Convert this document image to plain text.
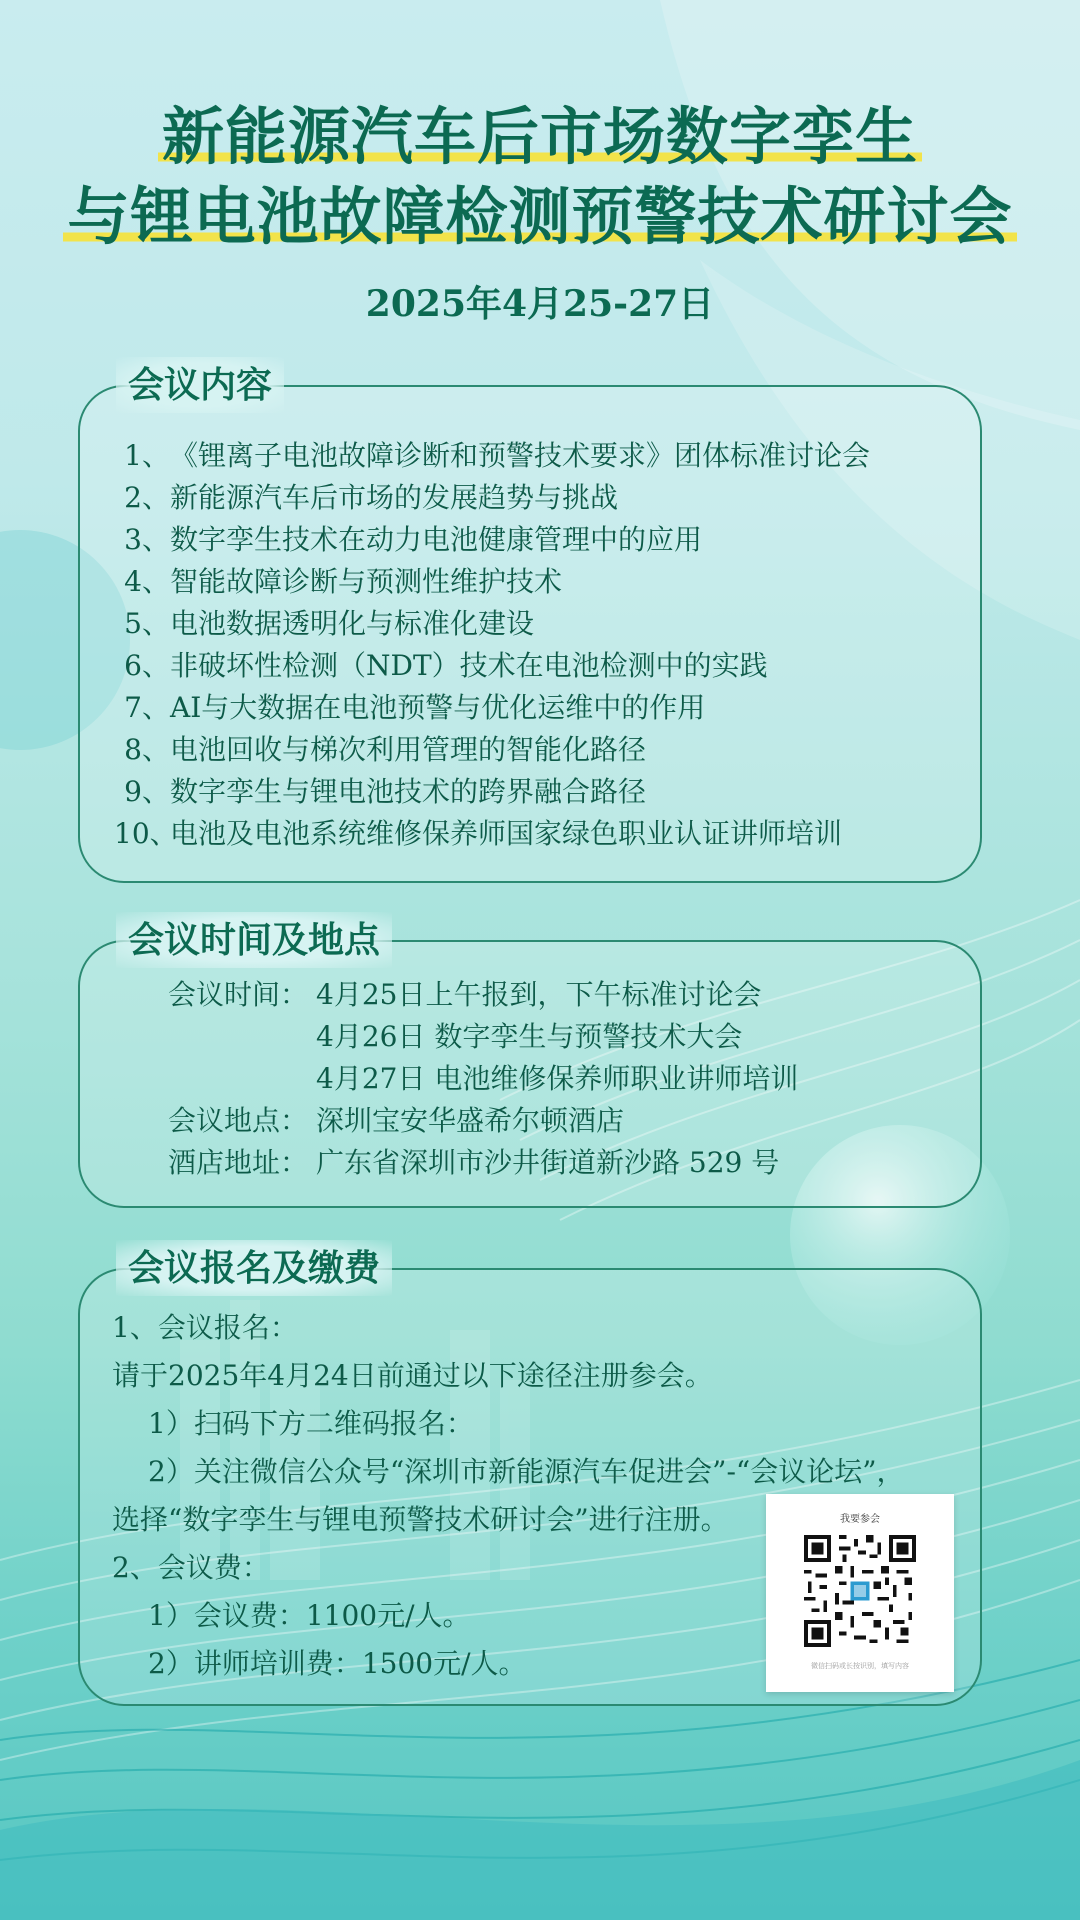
新能源汽车后市场数字孪生
与锂电池故障检测预警技术研讨会
2025年4月25-27日
会议内容
1、《锂离子电池故障诊断和预警技术要求》团体标准讨论会
2、新能源汽车后市场的发展趋势与挑战
3、数字孪生技术在动力电池健康管理中的应用
4、智能故障诊断与预测性维护技术
5、电池数据透明化与标准化建设
6、非破坏性检测（NDT）技术在电池检测中的实践
7、AI与大数据在电池预警与优化运维中的作用
8、电池回收与梯次利用管理的智能化路径
9、数字孪生与锂电池技术的跨界融合路径
10、电池及电池系统维修保养师国家绿色职业认证讲师培训
会议时间及地点
会议时间： 4月25日上午报到，下午标准讨论会
4月26日 数字孪生与预警技术大会
4月27日 电池维修保养师职业讲师培训
会议地点： 深圳宝安华盛希尔顿酒店
酒店地址： 广东省深圳市沙井街道新沙路 529 号
会议报名及缴费
1、会议报名：
请于2025年4月24日前通过以下途径注册参会。
1）扫码下方二维码报名：
2）关注微信公众号“深圳市新能源汽车促进会”-“会议论坛”，
选择“数字孪生与锂电预警技术研讨会”进行注册。
2、会议费：
1）会议费：1100元/人。
2）讲师培训费：1500元/人。
我要参会
微信扫码或长按识别，填写内容
